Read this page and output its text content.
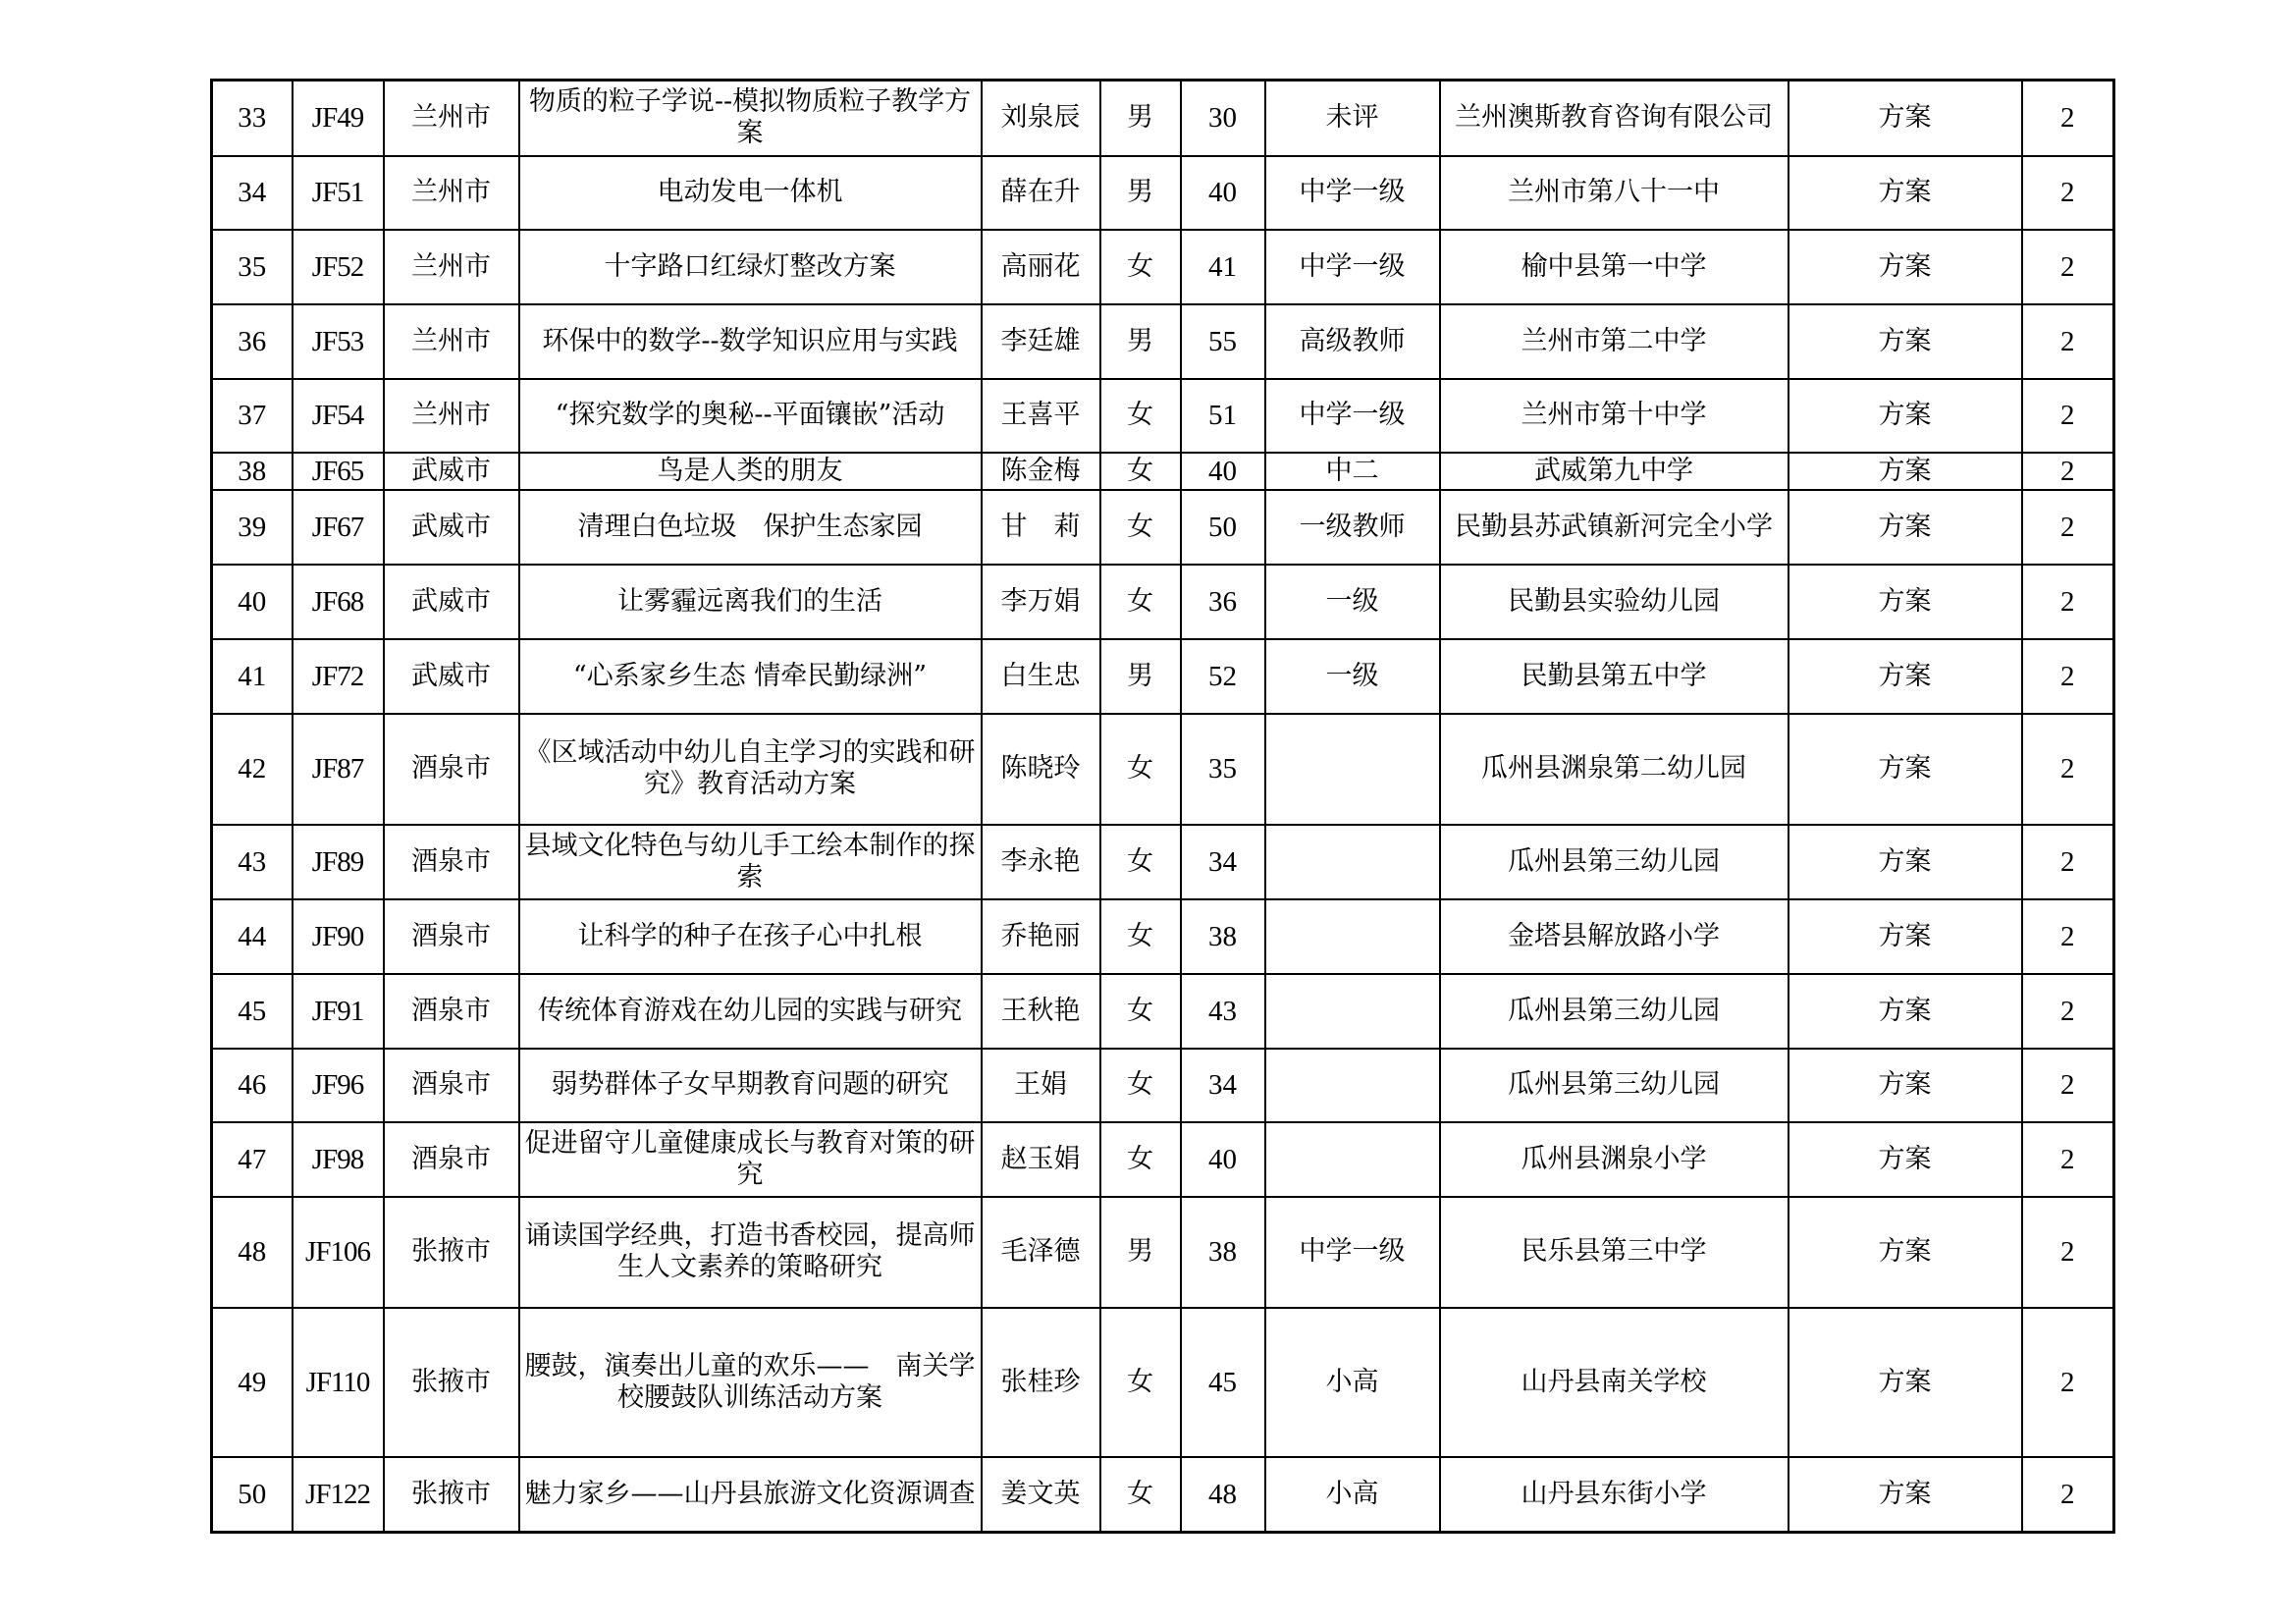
33	JF49	兰州市	物质的粒子学说--模拟物质粒子教学方案	刘泉辰	男	30	未评	兰州澳斯教育咨询有限公司	方案	2
34	JF51	兰州市	电动发电一体机	薛在升	男	40	中学一级	兰州市第八十一中	方案	2
35	JF52	兰州市	十字路口红绿灯整改方案	高丽花	女	41	中学一级	榆中县第一中学	方案	2
36	JF53	兰州市	环保中的数学--数学知识应用与实践	李廷雄	男	55	高级教师	兰州市第二中学	方案	2
37	JF54	兰州市	“探究数学的奥秘--平面镶嵌”活动	王喜平	女	51	中学一级	兰州市第十中学	方案	2
38	JF65	武威市	鸟是人类的朋友	陈金梅	女	40	中二	武威第九中学	方案	2
39	JF67	武威市	清理白色垃圾　保护生态家园	甘　莉	女	50	一级教师	民勤县苏武镇新河完全小学	方案	2
40	JF68	武威市	让雾霾远离我们的生活	李万娟	女	36	一级	民勤县实验幼儿园	方案	2
41	JF72	武威市	“心系家乡生态 情牵民勤绿洲”	白生忠	男	52	一级	民勤县第五中学	方案	2
42	JF87	酒泉市	《区域活动中幼儿自主学习的实践和研究》教育活动方案	陈晓玲	女	35		瓜州县渊泉第二幼儿园	方案	2
43	JF89	酒泉市	县域文化特色与幼儿手工绘本制作的探索	李永艳	女	34		瓜州县第三幼儿园	方案	2
44	JF90	酒泉市	让科学的种子在孩子心中扎根	乔艳丽	女	38		金塔县解放路小学	方案	2
45	JF91	酒泉市	传统体育游戏在幼儿园的实践与研究	王秋艳	女	43		瓜州县第三幼儿园	方案	2
46	JF96	酒泉市	弱势群体子女早期教育问题的研究	王娟	女	34		瓜州县第三幼儿园	方案	2
47	JF98	酒泉市	促进留守儿童健康成长与教育对策的研究	赵玉娟	女	40		瓜州县渊泉小学	方案	2
48	JF106	张掖市	诵读国学经典，打造书香校园，提高师生人文素养的策略研究	毛泽德	男	38	中学一级	民乐县第三中学	方案	2
49	JF110	张掖市	腰鼓，演奏出儿童的欢乐——　南关学校腰鼓队训练活动方案	张桂珍	女	45	小高	山丹县南关学校	方案	2
50	JF122	张掖市	魅力家乡——山丹县旅游文化资源调查	姜文英	女	48	小高	山丹县东街小学	方案	2
